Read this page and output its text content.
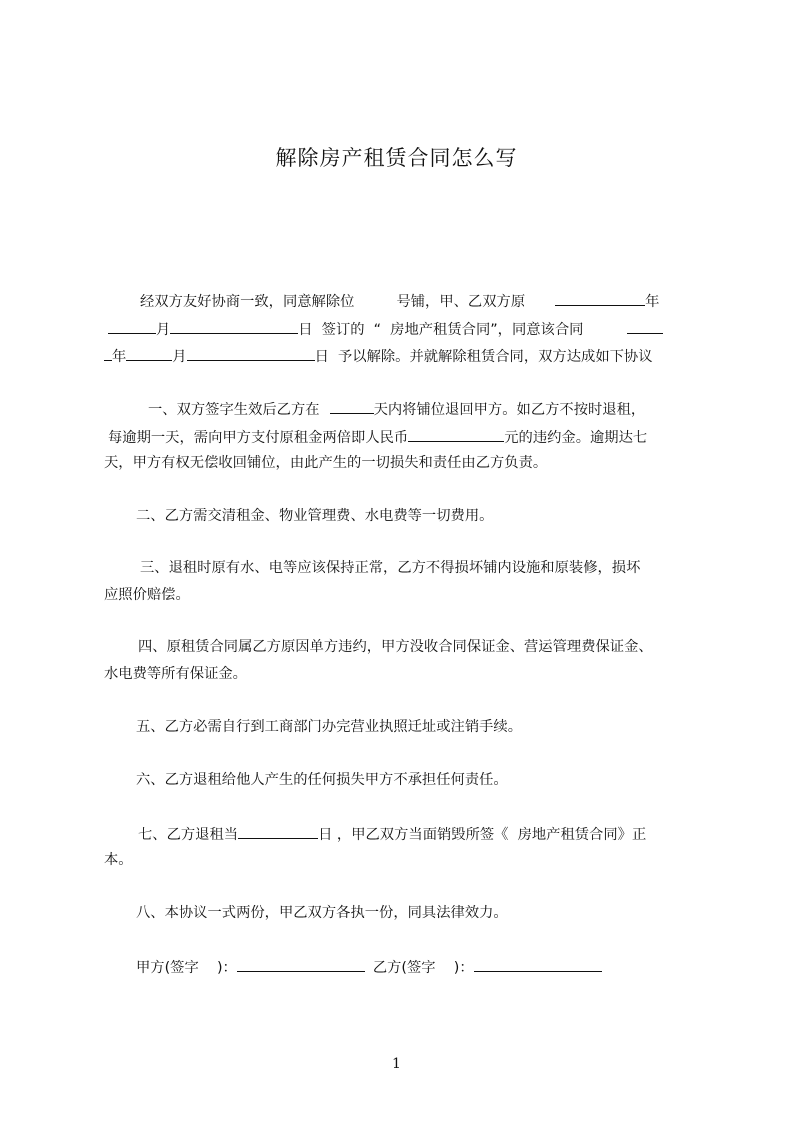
解除房产租赁合同怎么写
经双方友好协商一致，同意解除位	号铺，甲、乙双方原	年
月	日  签订的  “  房地产租赁合同”，同意该合同
年	月	日  予以解除。并就解除租赁合同，双方达成如下协议
一、双方签字生效后乙方在	天内将铺位退回甲方。如乙方不按时退租，
每逾期一天，需向甲方支付原租金两倍即人民币	元的违约金。逾期达七
天，甲方有权无偿收回铺位，由此产生的一切损失和责任由乙方负责。
二、乙方需交清租金、物业管理费、水电费等一切费用。
三、退租时原有水、电等应该保持正常，乙方不得损坏铺内设施和原装修，损坏
应照价赔偿。
四、原租赁合同属乙方原因单方违约，甲方没收合同保证金、营运管理费保证金、
水电费等所有保证金。
五、乙方必需自行到工商部门办完营业执照迁址或注销手续。
六、乙方退租给他人产生的任何损失甲方不承担任何责任。
七、乙方退租当	日 ，甲乙双方当面销毁所签《  房地产租赁合同》正
本。
八、本协议一式两份，甲乙双方各执一份，同具法律效力。
甲方(签字    )：	乙方(签字    )：
1
